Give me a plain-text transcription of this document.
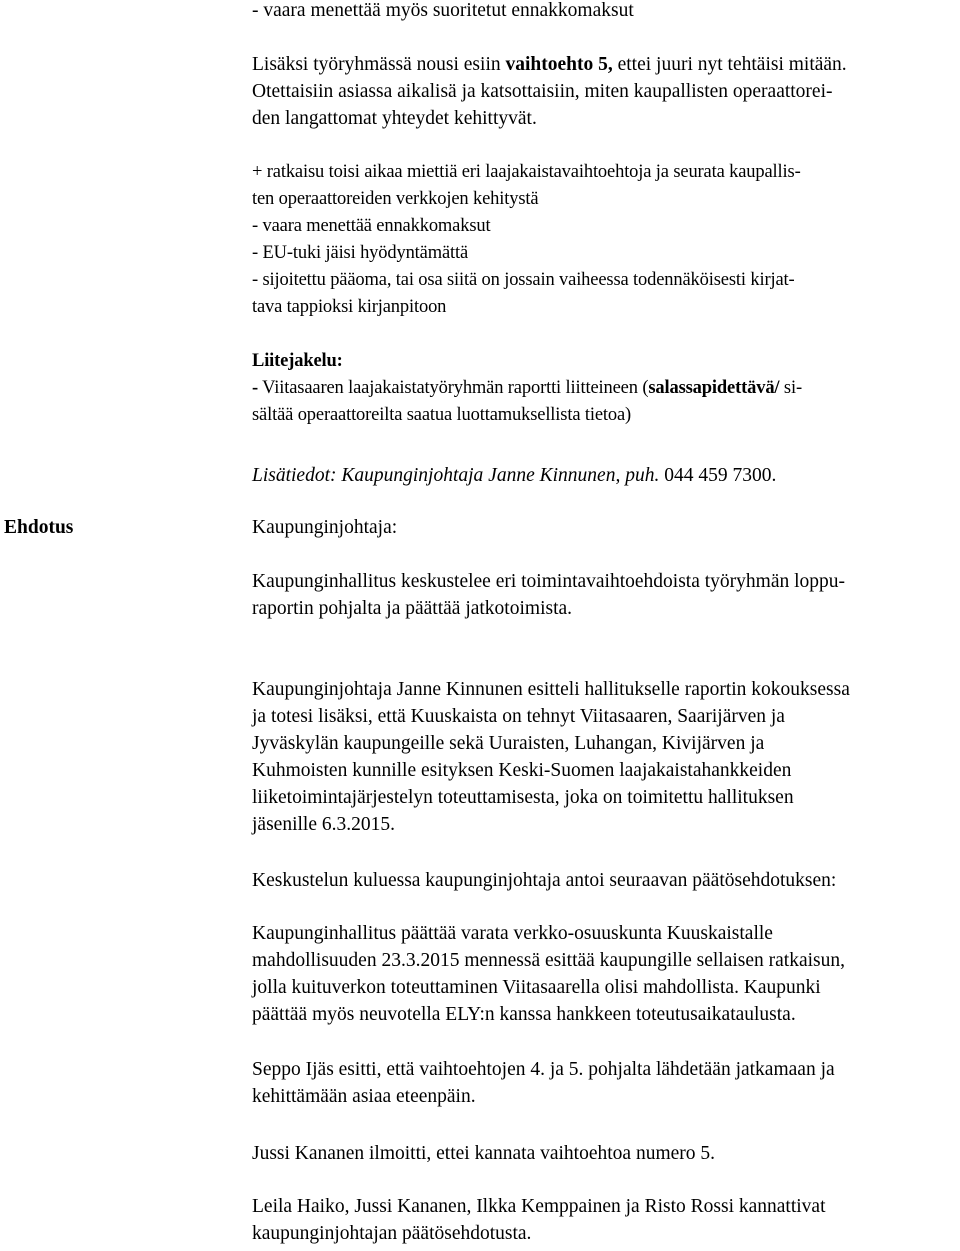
Ehdotus
- vaara menettää myös suoritetut ennakkomaksut
Lisäksi työryhmässä nousi esiin vaihtoehto 5, ettei juuri nyt tehtäisi mitään.
Otettaisiin asiassa aikalisä ja katsottaisiin, miten kaupallisten operaattorei-
den langattomat yhteydet kehittyvät.
+ ratkaisu toisi aikaa miettiä eri laajakaistavaihtoehtoja ja seurata kaupallis-
ten operaattoreiden verkkojen kehitystä
- vaara menettää ennakkomaksut
- EU-tuki jäisi hyödyntämättä
- sijoitettu pääoma, tai osa siitä on jossain vaiheessa todennäköisesti kirjat-
tava tappioksi kirjanpitoon
Liitejakelu:
- Viitasaaren laajakaistatyöryhmän raportti liitteineen (salassapidettävä/ si-
sältää operaattoreilta saatua luottamuksellista tietoa)
Lisätiedot: Kaupunginjohtaja Janne Kinnunen, puh. 044 459 7300.
Kaupunginjohtaja:
Kaupunginhallitus keskustelee eri toimintavaihtoehdoista työryhmän loppu-
raportin pohjalta ja päättää jatkotoimista.
Kaupunginjohtaja Janne Kinnunen esitteli hallitukselle raportin kokouksessa
ja totesi lisäksi, että Kuuskaista on tehnyt Viitasaaren, Saarijärven ja
Jyväskylän kaupungeille sekä Uuraisten, Luhangan, Kivijärven ja
Kuhmoisten kunnille esityksen Keski-Suomen laajakaistahankkeiden
liiketoimintajärjestelyn toteuttamisesta, joka on toimitettu hallituksen
jäsenille 6.3.2015.
Keskustelun kuluessa kaupunginjohtaja antoi seuraavan päätösehdotuksen:
Kaupunginhallitus päättää varata verkko-osuuskunta Kuuskaistalle
mahdollisuuden 23.3.2015 mennessä esittää kaupungille sellaisen ratkaisun,
jolla kuituverkon toteuttaminen Viitasaarella olisi mahdollista. Kaupunki
päättää myös neuvotella ELY:n kanssa hankkeen toteutusaikataulusta.
Seppo Ijäs esitti, että vaihtoehtojen 4. ja 5. pohjalta lähdetään jatkamaan ja
kehittämään asiaa eteenpäin.
Jussi Kananen ilmoitti, ettei kannata vaihtoehtoa numero 5.
Leila Haiko, Jussi Kananen, Ilkka Kemppainen ja Risto Rossi kannattivat
kaupunginjohtajan päätösehdotusta.
